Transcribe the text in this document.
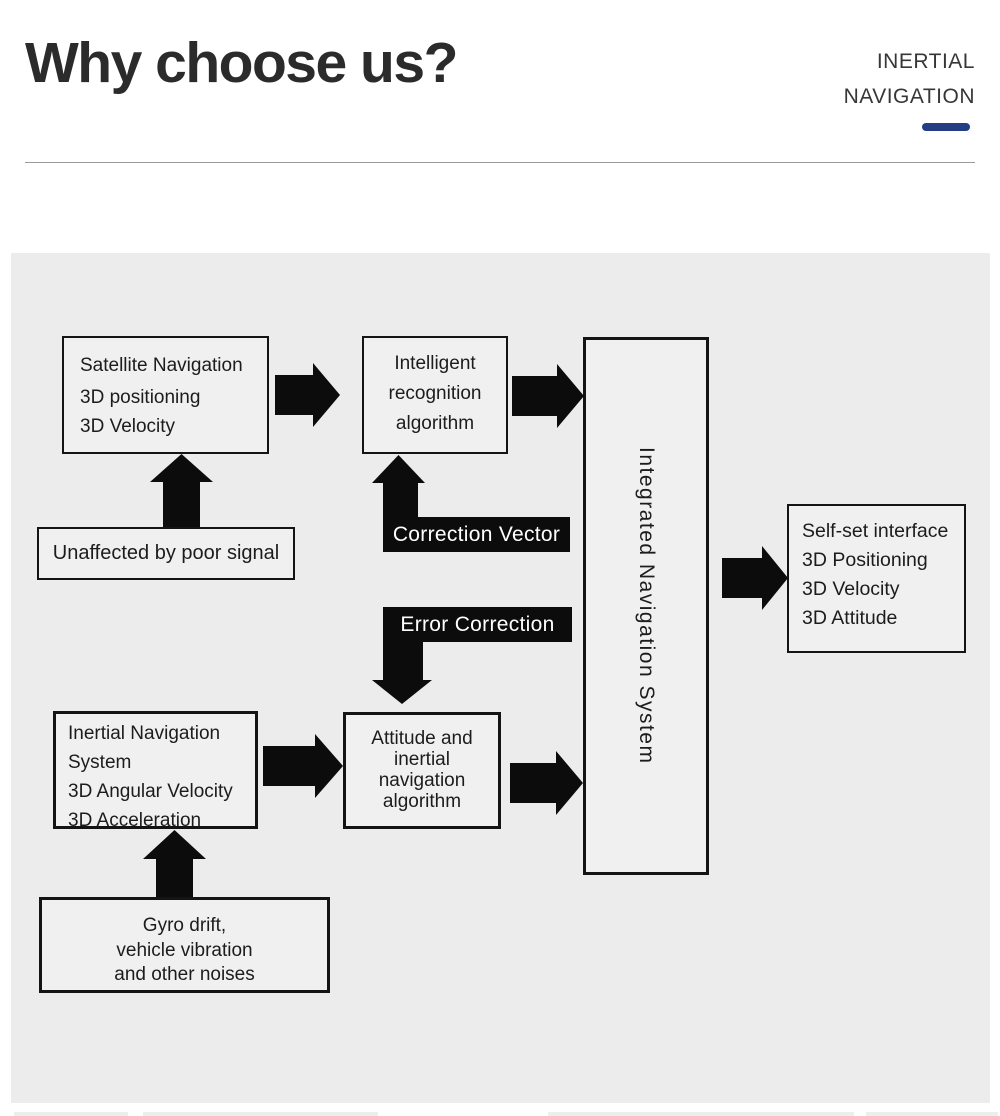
Why choose us?	INERTIAL
NAVIGATION
Satellite Navigation
3D positioning
3D Velocity
Intelligent
recognition
algorithm
Integrated Navigation System
Unaffected by poor signal
Self-set interface
3D Positioning
3D Velocity
3D Attitude
Inertial Navigation
System
3D Angular Velocity
3D Acceleration
Attitude and
inertial
navigation
algorithm
Gyro drift,
vehicle vibration
and other noises
Correction Vector
Error Correction
